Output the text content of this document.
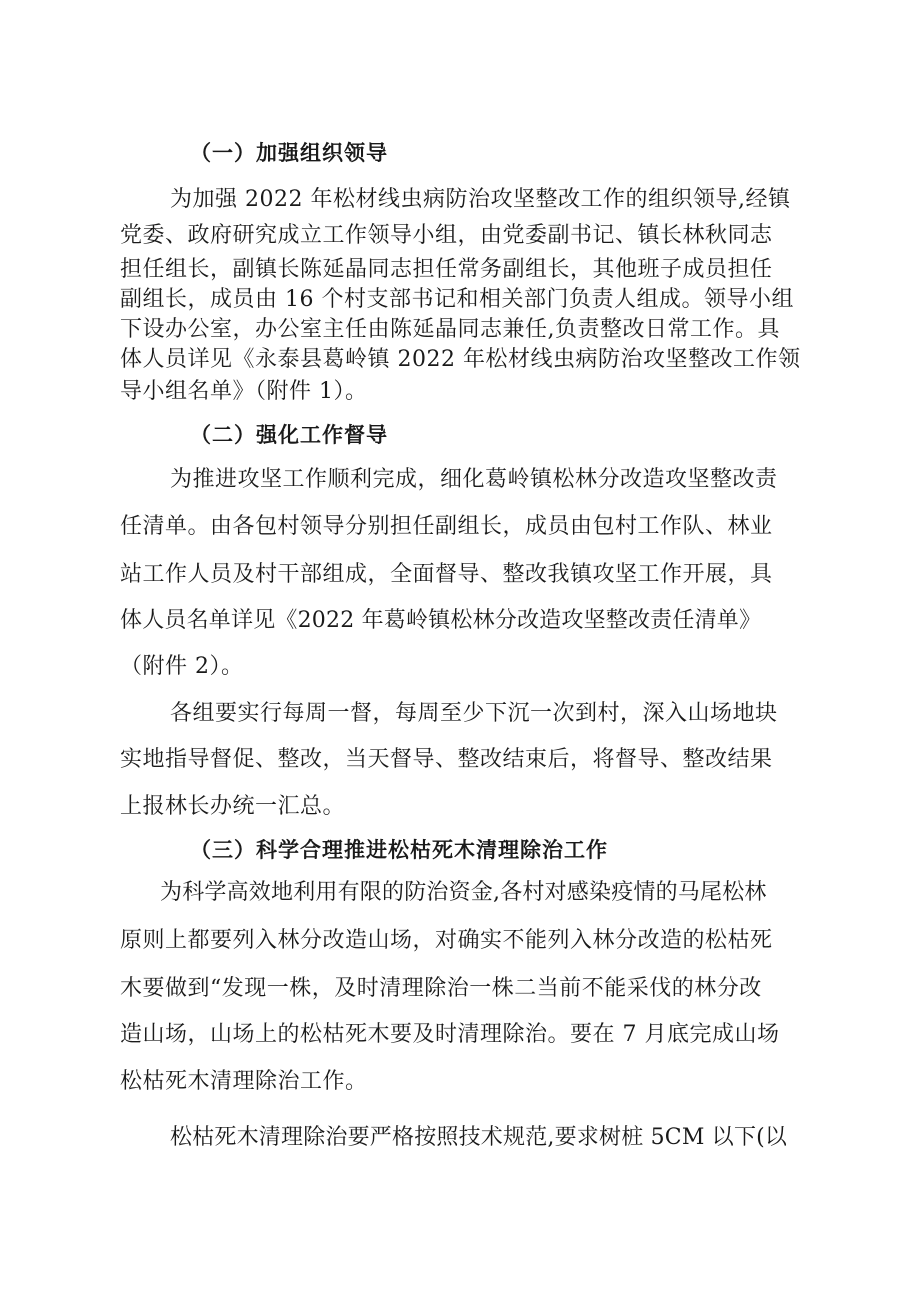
（一）加强组织领导
为加强 2022 年松材线虫病防治攻坚整改工作的组织领导,经镇
党委、政府研究成立工作领导小组，由党委副书记、镇长林秋同志
担任组长，副镇长陈延晶同志担任常务副组长，其他班子成员担任
副组长，成员由 16 个村支部书记和相关部门负责人组成。领导小组
下设办公室，办公室主任由陈延晶同志兼任,负责整改日常工作。具
体人员详见《永泰县葛岭镇 2022 年松材线虫病防治攻坚整改工作领
导小组名单》（附件 1）。
（二）强化工作督导
为推进攻坚工作顺利完成，细化葛岭镇松林分改造攻坚整改责
任清单。由各包村领导分别担任副组长，成员由包村工作队、林业
站工作人员及村干部组成，全面督导、整改我镇攻坚工作开展，具
体人员名单详见《2022 年葛岭镇松林分改造攻坚整改责任清单》
（附件 2）。
各组要实行每周一督，每周至少下沉一次到村，深入山场地块
实地指导督促、整改，当天督导、整改结束后，将督导、整改结果
上报林长办统一汇总。
（三）科学合理推进松枯死木清理除治工作
为科学高效地利用有限的防治资金,各村对感染疫情的马尾松林
原则上都要列入林分改造山场，对确实不能列入林分改造的松枯死
木要做到“发现一株，及时清理除治一株二当前不能采伐的林分改
造山场，山场上的松枯死木要及时清理除治。要在 7 月底完成山场
松枯死木清理除治工作。
松枯死木清理除治要严格按照技术规范,要求树桩 5CM 以下(以
